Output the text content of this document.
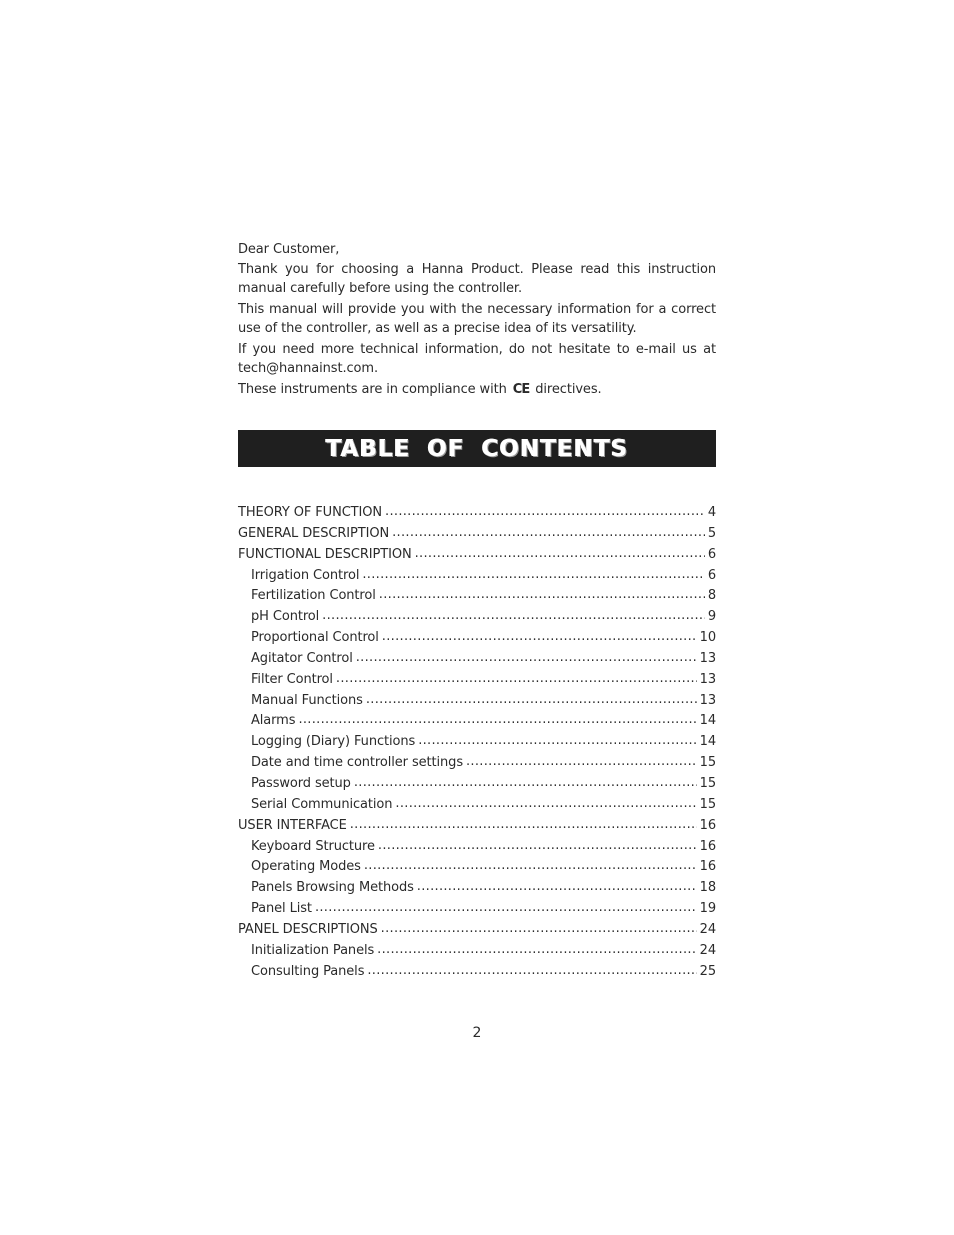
Dear Customer,

Thank you for choosing a Hanna Product. Please read this instruction manual carefully before using the controller.

This manual will provide you with the necessary information for a correct use of the controller, as well as a precise idea of its versatility.

If you need more technical information, do not hesitate to e-mail us at tech@hannainst.com.

These instruments are in compliance with CE directives.

TABLE OF CONTENTS
THEORY OF FUNCTION .....	4
GENERAL DESCRIPTION .....	5
FUNCTIONAL DESCRIPTION .....	6
Irrigation Control .....	6
Fertilization Control .....	8
pH Control .....	9
Proportional Control .....	10
Agitator Control .....	13
Filter Control .....	13
Manual Functions .....	13
Alarms .....	14
Logging (Diary) Functions .....	14
Date and time controller settings .....	15
Password setup .....	15
Serial Communication .....	15
USER INTERFACE .....	16
Keyboard Structure .....	16
Operating Modes .....	16
Panels Browsing Methods .....	18
Panel List .....	19
PANEL DESCRIPTIONS .....	24
Initialization Panels .....	24
Consulting Panels .....	25
2
